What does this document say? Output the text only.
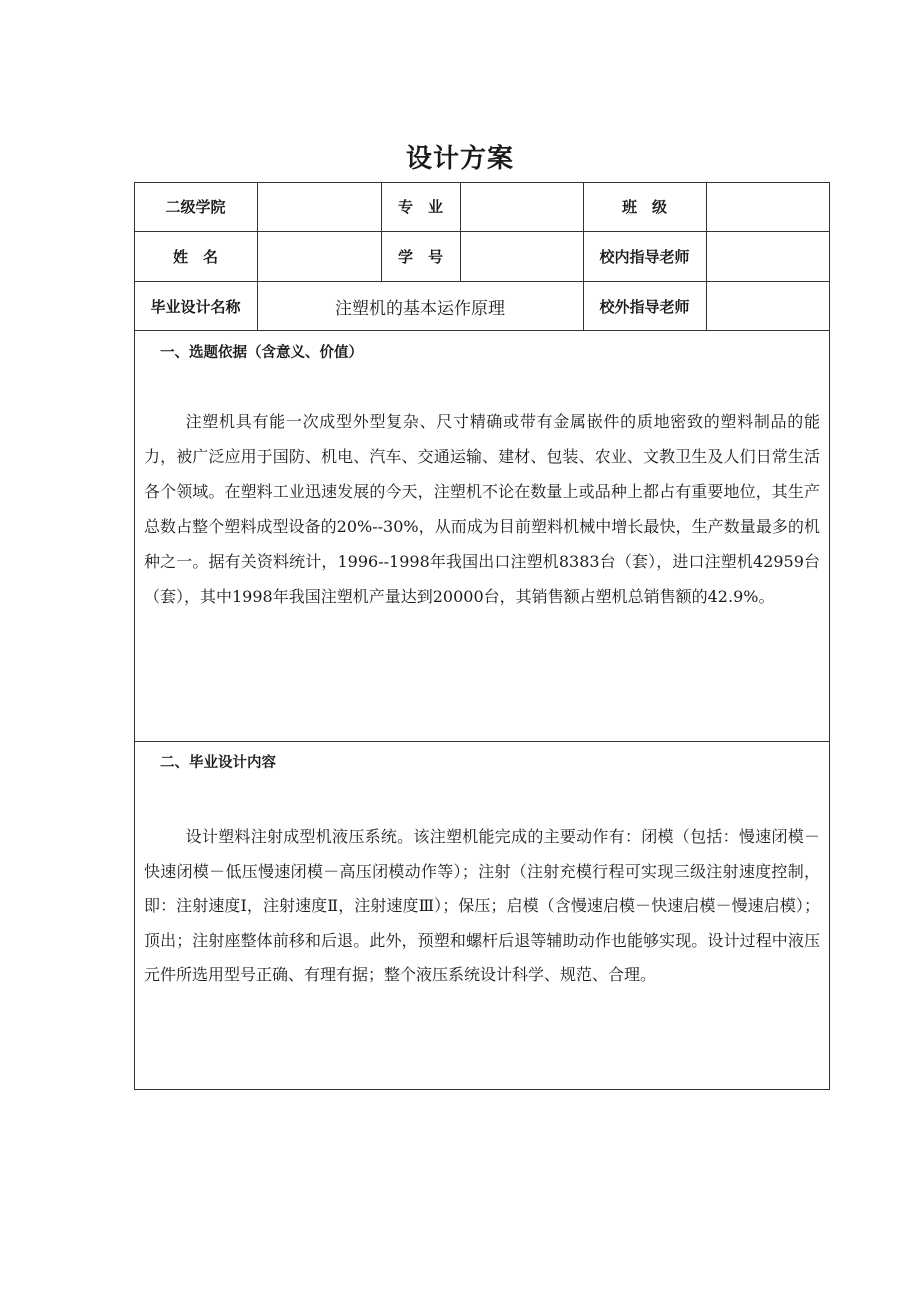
设计方案
二级学院	专　业	班　级
姓　名	学　号	校内指导老师
毕业设计名称	注塑机的基本运作原理	校外指导老师
一、选题依据（含意义、价值）

注塑机具有能一次成型外型复杂、尺寸精确或带有金属嵌件的质地密致的塑料制品的能力，被广泛应用于国防、机电、汽车、交通运输、建材、包装、农业、文教卫生及人们日常生活各个领域。在塑料工业迅速发展的今天，注塑机不论在数量上或品种上都占有重要地位，其生产总数占整个塑料成型设备的20%--30%，从而成为目前塑料机械中增长最快，生产数量最多的机种之一。据有关资料统计，1996--1998年我国出口注塑机8383台（套），进口注塑机42959台（套），其中1998年我国注塑机产量达到20000台，其销售额占塑机总销售额的42.9%。

二、毕业设计内容

设计塑料注射成型机液压系统。该注塑机能完成的主要动作有：闭模（包括：慢速闭模－快速闭模－低压慢速闭模－高压闭模动作等）；注射（注射充模行程可实现三级注射速度控制，即：注射速度Ⅰ，注射速度Ⅱ，注射速度Ⅲ）；保压；启模（含慢速启模－快速启模－慢速启模）；顶出；注射座整体前移和后退。此外，预塑和螺杆后退等辅助动作也能够实现。设计过程中液压元件所选用型号正确、有理有据；整个液压系统设计科学、规范、合理。
